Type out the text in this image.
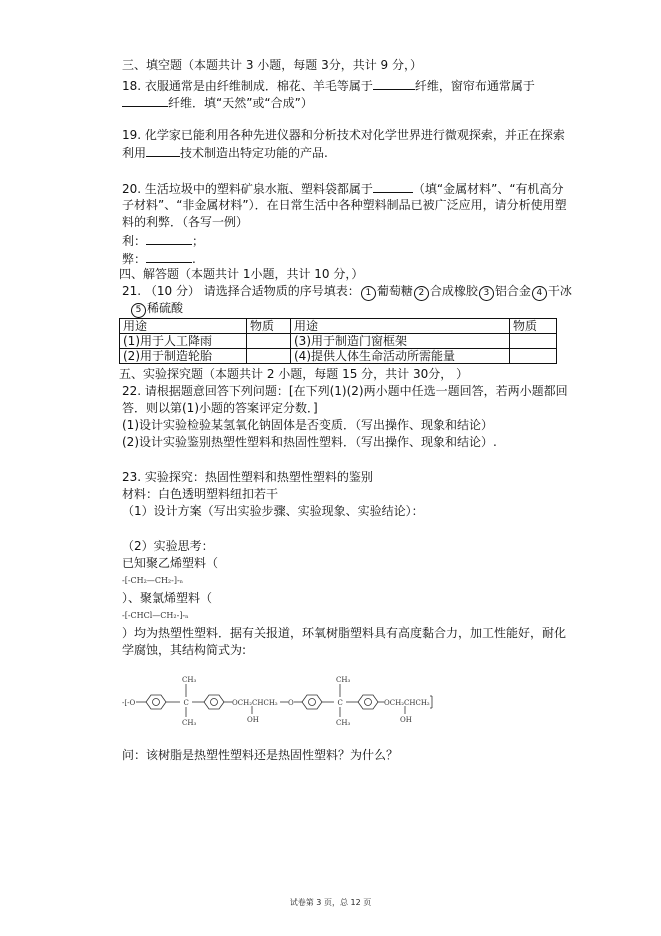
三、填空题（本题共计 3 小题，每题 3分，共计 9 分，）
18. 衣服通常是由纤维制成．棉花、羊毛等属于	纤维，窗帘布通常属于
纤维．填“天然”或“合成”）
19. 化学家已能利用各种先进仪器和分析技术对化学世界进行微观探索，并正在探索
利用	技术制造出特定功能的产品.
20. 生活垃圾中的塑料矿泉水瓶、塑料袋都属于	（填“金属材料”、“有机高分
子材料”、“非金属材料”）．在日常生活中各种塑料制品已被广泛应用，请分析使用塑
料的利弊．（各写一例）
利：	；
弊：	.
四、解答题（本题共计 1小题，共计 10 分，）
21. （10 分） 请选择合适物质的序号填表： 1 葡萄糖 2 合成橡胶 3 铝合金 4 干冰
5 稀硫酸
用途	物质	用途	物质
(1)用于人工降雨		(3)用于制造门窗框架	
(2)用于制造轮胎		(4)提供人体生命活动所需能量	
五、实验探究题（本题共计 2 小题，每题 15 分，共计 30分， ）
22. 请根据题意回答下列问题：[在下列(1)(2)两小题中任选一题回答，若两小题都回
答．则以第(1)小题的答案评定分数．]
(1)设计实验检验某氢氧化钠固体是否变质．（写出操作、现象和结论）
(2)设计实验鉴别热塑性塑料和热固性塑料．（写出操作、现象和结论）.
23. 实验探究：热固性塑料和热塑性塑料的鉴别
材料：白色透明塑料纽扣若干
（1）设计方案（写出实验步骤、实验现象、实验结论）：
（2）实验思考：
已知聚乙烯塑料（
-[-CH₂—CH₂-]-ₙ
）、聚氯烯塑料（
-[-CHCl—CH₂-]-ₙ
）均为热塑性塑料．据有关报道，环氧树脂塑料具有高度黏合力，加工性能好，耐化
学腐蚀，其结构简式为:
-[-O
CH₃
C
CH₃
OCH₂CHCH₂
OH
O
CH₃
C
CH₃
OCH₂CHCH₂
OH
问：该树脂是热塑性塑料还是热固性塑料？为什么？
试卷第 3 页，总 12 页
